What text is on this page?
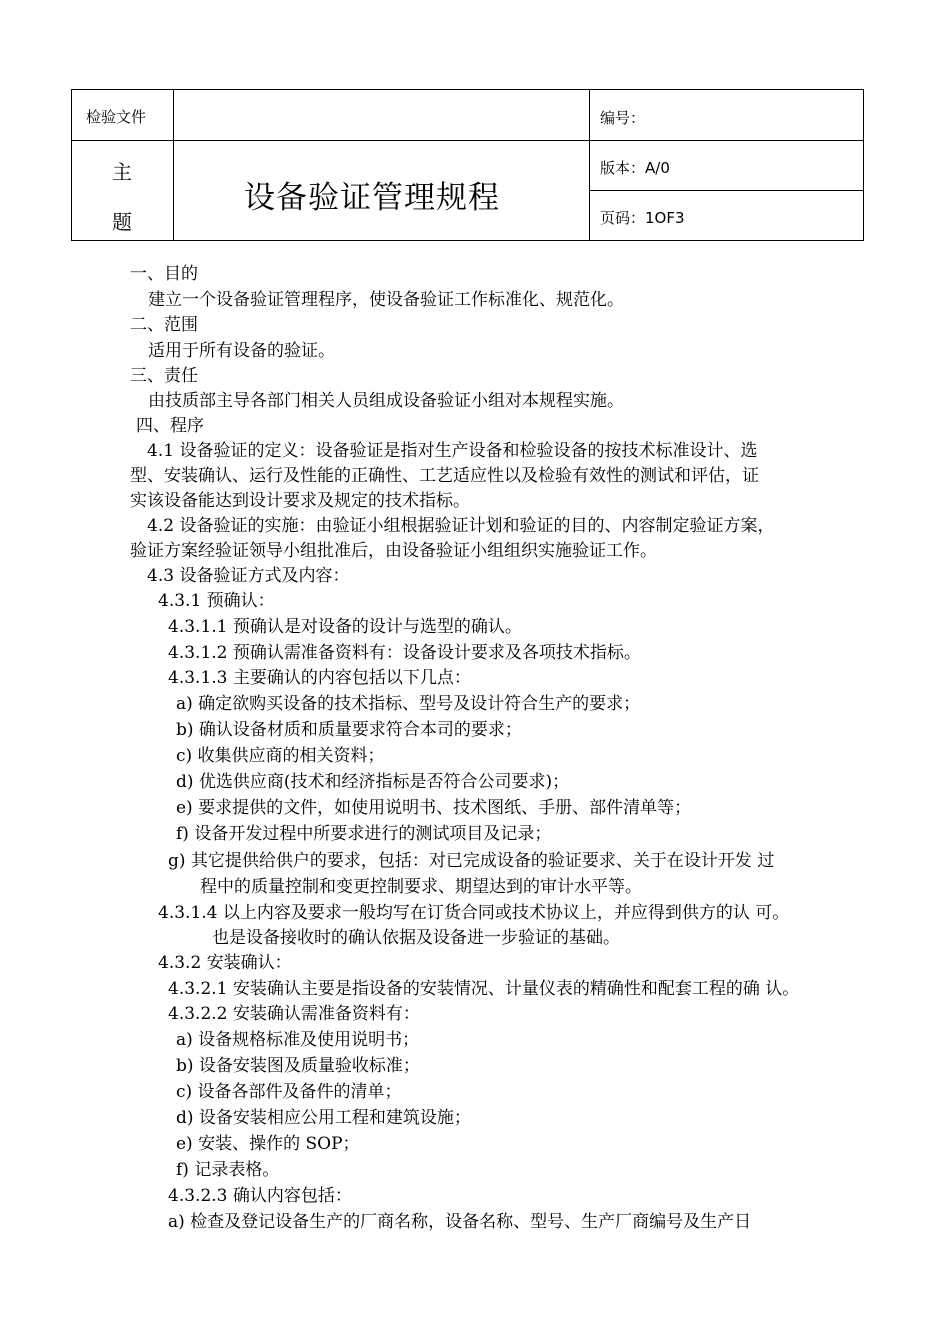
检验文件
主
题
设备验证管理规程
编号：
版本：A/0
页码：1OF3
一、目的
建立一个设备验证管理程序，使设备验证工作标准化、规范化。
二、范围
适用于所有设备的验证。
三、责任
由技质部主导各部门相关人员组成设备验证小组对本规程实施。
四、程序
4.1 设备验证的定义：设备验证是指对生产设备和检验设备的按技术标准设计、选
型、安装确认、运行及性能的正确性、工艺适应性以及检验有效性的测试和评估，证
实该设备能达到设计要求及规定的技术指标。
4.2 设备验证的实施：由验证小组根据验证计划和验证的目的、内容制定验证方案，
验证方案经验证领导小组批准后，由设备验证小组组织实施验证工作。
4.3 设备验证方式及内容：
4.3.1 预确认：
4.3.1.1 预确认是对设备的设计与选型的确认。
4.3.1.2 预确认需准备资料有：设备设计要求及各项技术指标。
4.3.1.3 主要确认的内容包括以下几点：
a) 确定欲购买设备的技术指标、型号及设计符合生产的要求；
b) 确认设备材质和质量要求符合本司的要求；
c) 收集供应商的相关资料；
d) 优选供应商(技术和经济指标是否符合公司要求)；
e) 要求提供的文件，如使用说明书、技术图纸、手册、部件清单等；
f) 设备开发过程中所要求进行的测试项目及记录；
g) 其它提供给供户的要求，包括：对已完成设备的验证要求、关于在设计开发 过
程中的质量控制和变更控制要求、期望达到的审计水平等。
4.3.1.4 以上内容及要求一般均写在订货合同或技术协议上，并应得到供方的认 可。
也是设备接收时的确认依据及设备进一步验证的基础。
4.3.2 安装确认：
4.3.2.1 安装确认主要是指设备的安装情况、计量仪表的精确性和配套工程的确 认。
4.3.2.2 安装确认需准备资料有：
a) 设备规格标准及使用说明书；
b) 设备安装图及质量验收标准；
c) 设备各部件及备件的清单；
d) 设备安装相应公用工程和建筑设施；
e) 安装、操作的 SOP；
f) 记录表格。
4.3.2.3 确认内容包括：
a) 检查及登记设备生产的厂商名称，设备名称、型号、生产厂商编号及生产日
